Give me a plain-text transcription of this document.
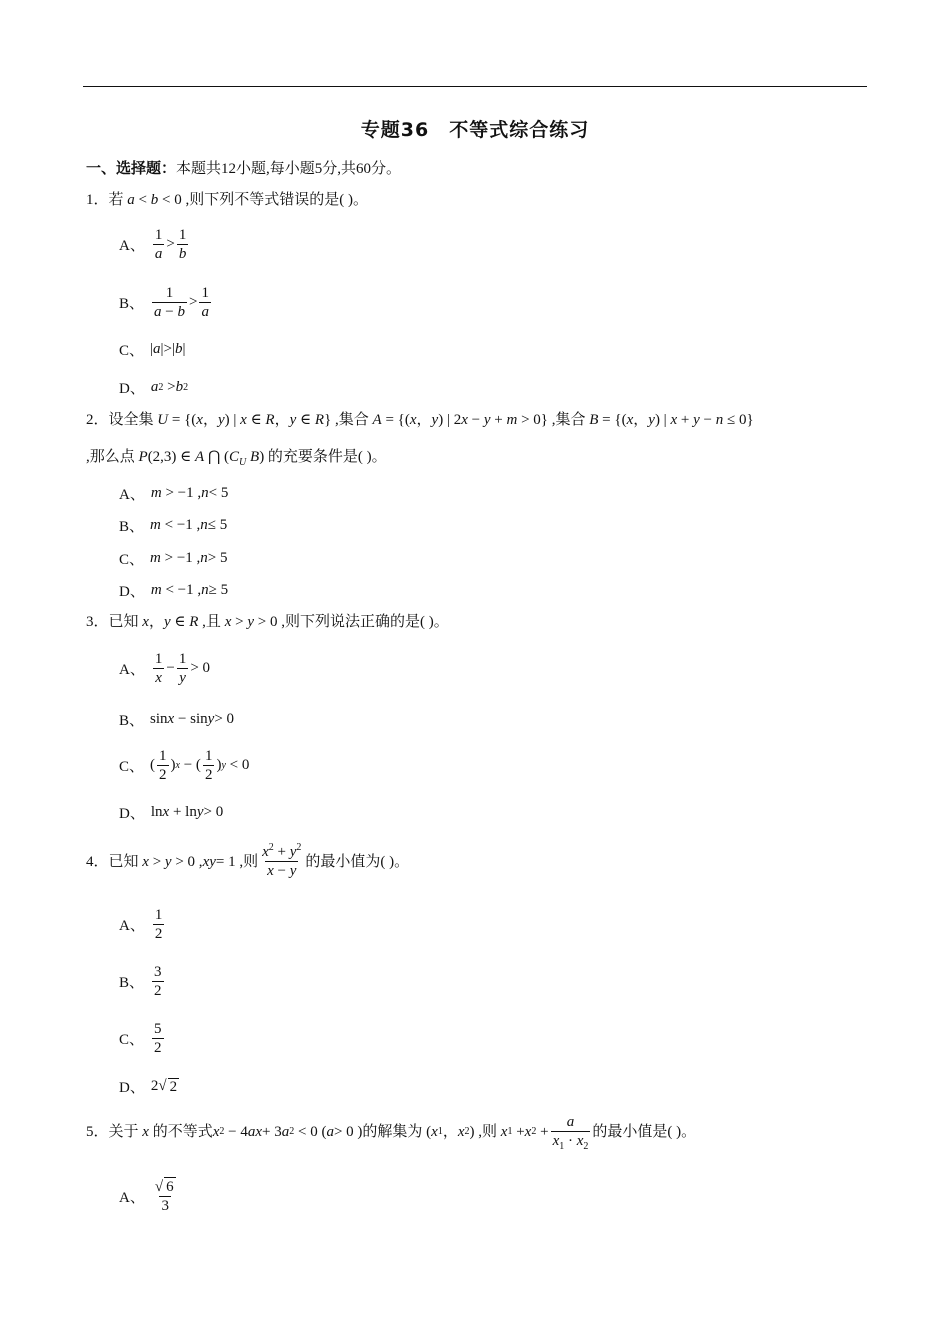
专题36　不等式综合练习
一、选择题：本题共12小题,每小题5分,共60分。
1．若 a < b < 0 ,则下列不等式错误的是( )。
A、 $\frac{1}{a} > \frac{1}{b}$
B、 $\frac{1}{a - b} > \frac{1}{a}$
C、 | a |>| b |
D、 a 2 > b 2
2．设全集 U = {(x，y) | x ∈ R，y ∈ R} ,集合 A = {(x，y) | 2x − y + m > 0} ,集合 B = {(x，y) | x + y − n ≤ 0}
,那么点 P(2,3) ∈ A ⋂ ($C_U$ B) 的充要条件是( )。
A、 m > −1 , n < 5
B、 m < −1 , n ≤ 5
C、 m > −1 , n > 5
D、 m < −1 , n ≥ 5
3．已知 x，y ∈ R ,且 x > y > 0 ,则下列说法正确的是( )。
A、 $\frac{1}{x} - \frac{1}{y} > 0$
B、 sin x − sin y > 0
C、 ( $\frac{1}{2}$ ) x − ( $\frac{1}{2}$ ) y < 0
D、 ln x + ln y > 0
4． 已知 x > y > 0 , xy = 1 ,则 $\frac{x^2 + y^2}{x - y}$ 的最小值为( )。
A、 $\frac{1}{2}$
B、 $\frac{3}{2}$
C、 $\frac{5}{2}$
D、 2√ 2
5． 关于 x 的不等式 x 2 − 4 ax + 3 a 2 < 0 ( a > 0 )的解集为 ( x 1 ， x 2 ) ,则 x 1 + x $2 + \frac{a}{x_1 \cdot x_2}$ 的最小值是( )。
A、 $\frac{√ 6}{3}$
